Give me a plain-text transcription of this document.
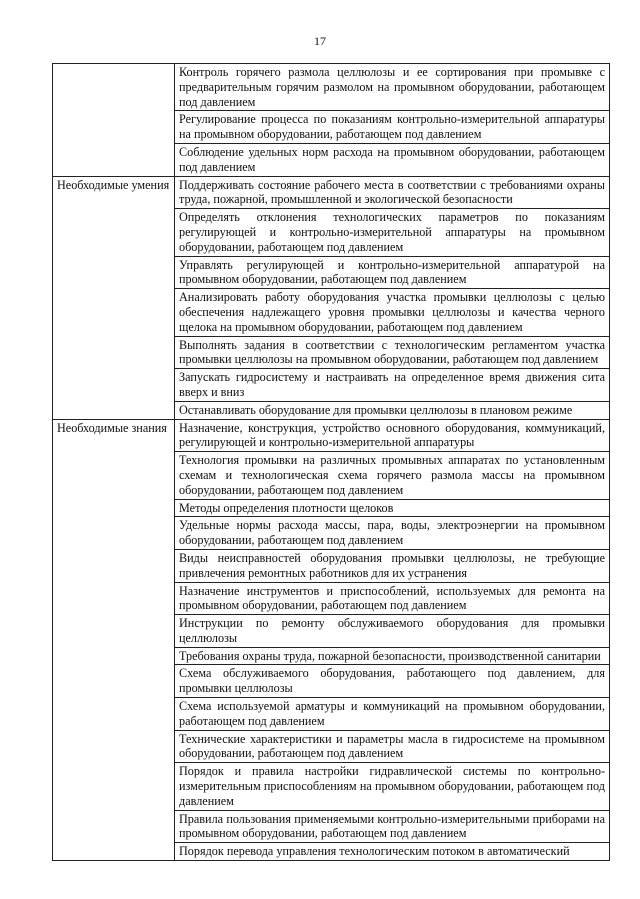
17
	Контроль горячего размола целлюлозы и ее сортирования при промывке с предварительным горячим размолом на промывном оборудовании, работающем под давлением
	Регулирование процесса по показаниям контрольно-измерительной аппаратуры на промывном оборудовании, работающем под давлением
	Соблюдение удельных норм расхода на промывном оборудовании, работающем под давлением
Необходимые умения	Поддерживать состояние рабочего места в соответствии с требованиями охраны труда, пожарной, промышленной и экологической безопасности
	Определять отклонения технологических параметров по показаниям регулирующей и контрольно-измерительной аппаратуры на промывном оборудовании, работающем под давлением
	Управлять регулирующей и контрольно-измерительной аппаратурой на промывном оборудовании, работающем под давлением
	Анализировать работу оборудования участка промывки целлюлозы с целью обеспечения надлежащего уровня промывки целлюлозы и качества черного щелока на промывном оборудовании, работающем под давлением
	Выполнять задания в соответствии с технологическим регламентом участка промывки целлюлозы на промывном оборудовании, работающем под давлением
	Запускать гидросистему и настраивать на определенное время движения сита вверх и вниз
	Останавливать оборудование для промывки целлюлозы в плановом режиме
Необходимые знания	Назначение, конструкция, устройство основного оборудования, коммуникаций, регулирующей и контрольно-измерительной аппаратуры
	Технология промывки на различных промывных аппаратах по установленным схемам и технологическая схема горячего размола массы на промывном оборудовании, работающем под давлением
	Методы определения плотности щелоков
	Удельные нормы расхода массы, пара, воды, электроэнергии на промывном оборудовании, работающем под давлением
	Виды неисправностей оборудования промывки целлюлозы, не требующие привлечения ремонтных работников для их устранения
	Назначение инструментов и приспособлений, используемых для ремонта на промывном оборудовании, работающем под давлением
	Инструкции по ремонту обслуживаемого оборудования для промывки целлюлозы
	Требования охраны труда, пожарной безопасности, производственной санитарии
	Схема обслуживаемого оборудования, работающего под давлением, для промывки целлюлозы
	Схема используемой арматуры и коммуникаций на промывном оборудовании, работающем под давлением
	Технические характеристики и параметры масла в гидросистеме на промывном оборудовании, работающем под давлением
	Порядок и правила настройки гидравлической системы по контрольно-измерительным приспособлениям на промывном оборудовании, работающем под давлением
	Правила пользования применяемыми контрольно-измерительными приборами на промывном оборудовании, работающем под давлением
	Порядок перевода управления технологическим потоком в автоматический
